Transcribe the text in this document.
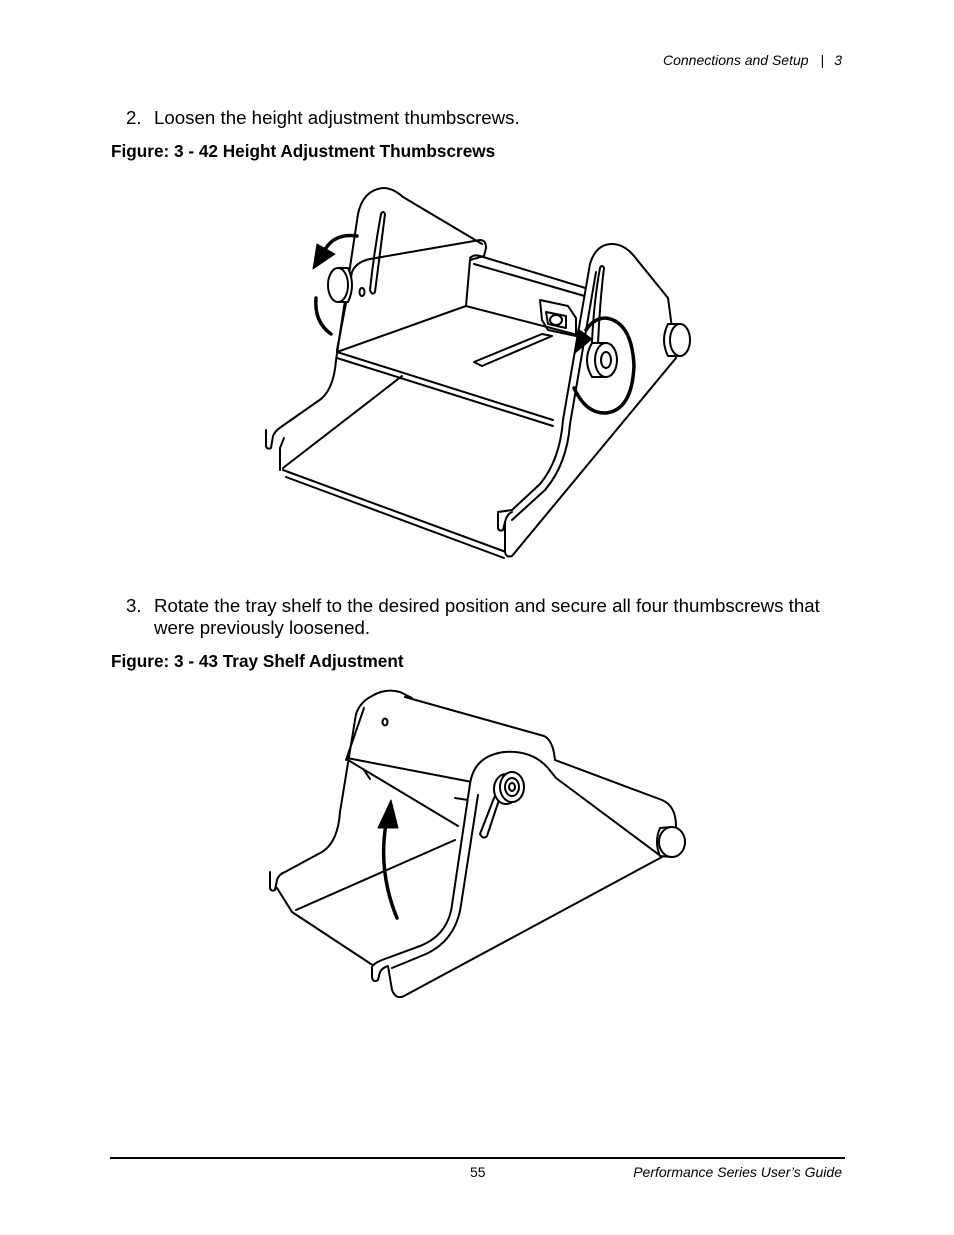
Connections and Setup | 3
2. Loosen the height adjustment thumbscrews.
Figure: 3 - 42 Height Adjustment Thumbscrews
3. Rotate the tray shelf to the desired position and secure all four thumbscrews that were previously loosened.
Figure: 3 - 43 Tray Shelf Adjustment
55	Performance Series User’s Guide
